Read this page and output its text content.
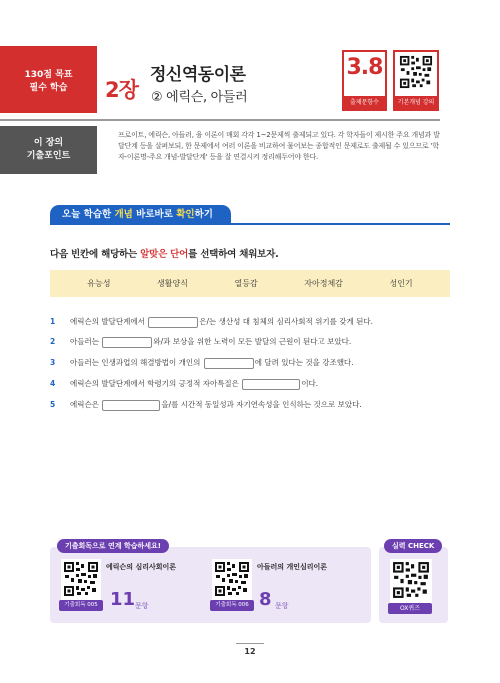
130점 목표
필수 학습
이 장의
기출포인트
2장
정신역동이론
② 에릭슨, 아들러
3.8
출제문항수	기본개념 강의
프로이트, 에릭슨, 아들러, 융 이론이 매회 각각 1~2문제씩 출제되고 있다. 각 학자들이 제시한 주요 개념과 발달단계 등을 살펴보되, 한 문제에서 여러 이론을 비교하여 물어보는 종합적인 문제로도 출제될 수 있으므로 '학자-이론명-주요 개념-발달단계' 등을 잘 연결시켜 정리해두어야 한다.
오늘 학습한 개념 바로바로 확인하기
다음 빈칸에 해당하는 알맞은 단어를 선택하여 채워보자.
유능성	생활양식	열등감	자아정체감	성인기
1 에릭슨의 발달단계에서	은/는 생산성 대 침체의 심리사회적 위기를 갖게 된다.
2 아들러는	와/과 보상을 위한 노력이 모든 발달의 근원이 된다고 보았다.
3 아들러는 인생과업의 해결방법이 개인의	에 달려 있다는 것을 강조했다.
4 에릭슨의 발달단계에서 학령기의 긍정적 자아특질은	이다.
5 에릭슨은	을/를 시간적 동일성과 자기연속성을 인식하는 것으로 보았다.
기출회독으로 연계 학습하세요!
기출회독 005
에릭슨의 심리사회이론
11 문항	기출회독 006
아들러의 개인심리이론
8 문항
실력 CHECK
OX퀴즈
12
